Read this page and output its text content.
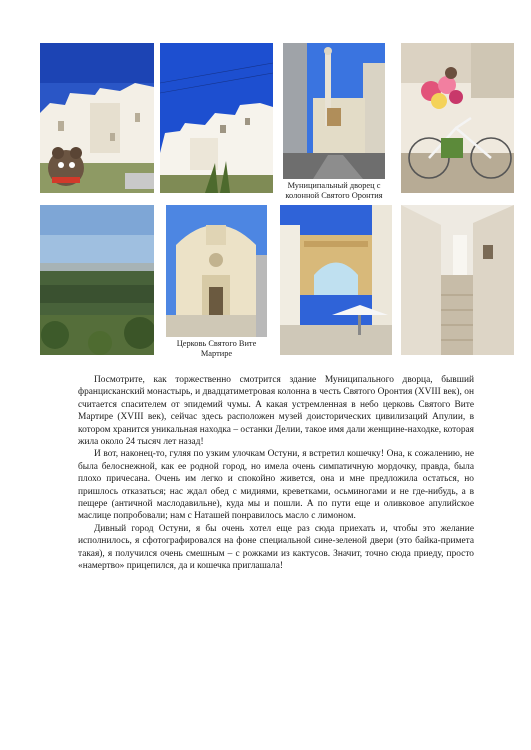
Муниципальный дворец с колонной Святого Оронтия
Церковь Святого Вите Мартире

Посмотрите, как торжественно смотрится здание Муниципального дворца, бывший францисканский монастырь, и двадцатиметровая колонна в честь Святого Оронтия (XVIII век), он считается спасителем от эпидемий чумы. А какая устремленная в небо церковь Святого Вите Мартире (XVIII век), сейчас здесь расположен музей доисторических цивилизаций Апулии, в котором хранится уникальная находка – останки Делии, такое имя дали женщине-находке, которая жила около 24 тысяч лет назад!

И вот, наконец-то, гуляя по узким улочкам Остуни, я встретил кошечку! Она, к сожалению, не была белоснежной, как ее родной город, но имела очень симпатичную мордочку, правда, была плохо причесана. Очень им легко и спокойно живется, она и мне предложила остаться, но пришлось отказаться; нас ждал обед с мидиями, креветками, осьминогами и не где-нибудь, а в пещере (античной маслодавильне), куда мы и пошли. А по пути еще и оливковое апулийское маслице попробовали; нам с Наташей понравилось масло с лимоном.

Дивный город Остуни, я бы очень хотел еще раз сюда приехать и, чтобы это желание исполнилось, я сфотографировался на фоне специальной сине-зеленой двери (это байка-примета такая), я получился очень смешным – с рожками из кактусов. Значит, точно сюда приеду, просто «намертво» прицепился, да и кошечка приглашала!
